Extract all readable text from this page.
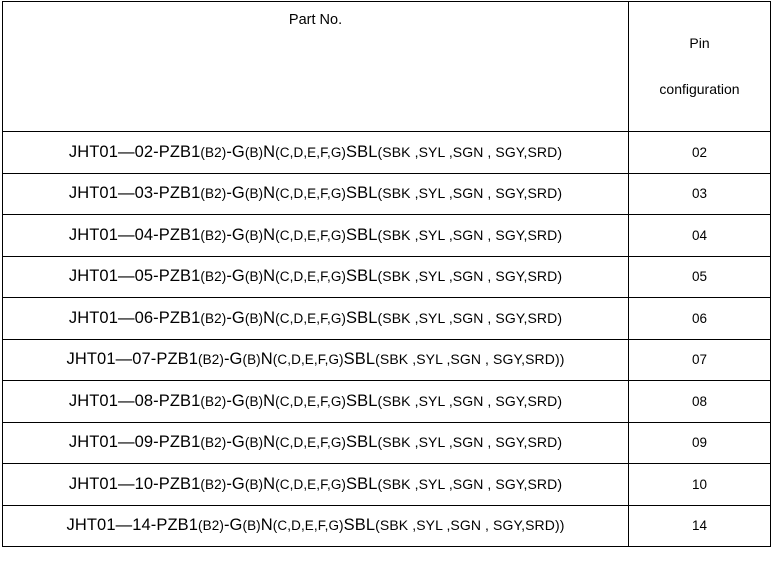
Part No.	Pin
configuration

JHT01—02-PZB1(B2)-G(B)N(C,D,E,F,G)SBL(SBK ,SYL ,SGN , SGY,SRD)	02
JHT01—03-PZB1(B2)-G(B)N(C,D,E,F,G)SBL(SBK ,SYL ,SGN , SGY,SRD)	03
JHT01—04-PZB1(B2)-G(B)N(C,D,E,F,G)SBL(SBK ,SYL ,SGN , SGY,SRD)	04
JHT01—05-PZB1(B2)-G(B)N(C,D,E,F,G)SBL(SBK ,SYL ,SGN , SGY,SRD)	05
JHT01—06-PZB1(B2)-G(B)N(C,D,E,F,G)SBL(SBK ,SYL ,SGN , SGY,SRD)	06
JHT01—07-PZB1(B2)-G(B)N(C,D,E,F,G)SBL(SBK ,SYL ,SGN , SGY,SRD))	07
JHT01—08-PZB1(B2)-G(B)N(C,D,E,F,G)SBL(SBK ,SYL ,SGN , SGY,SRD)	08
JHT01—09-PZB1(B2)-G(B)N(C,D,E,F,G)SBL(SBK ,SYL ,SGN , SGY,SRD)	09
JHT01—10-PZB1(B2)-G(B)N(C,D,E,F,G)SBL(SBK ,SYL ,SGN , SGY,SRD)	10
JHT01—14-PZB1(B2)-G(B)N(C,D,E,F,G)SBL(SBK ,SYL ,SGN , SGY,SRD))	14
